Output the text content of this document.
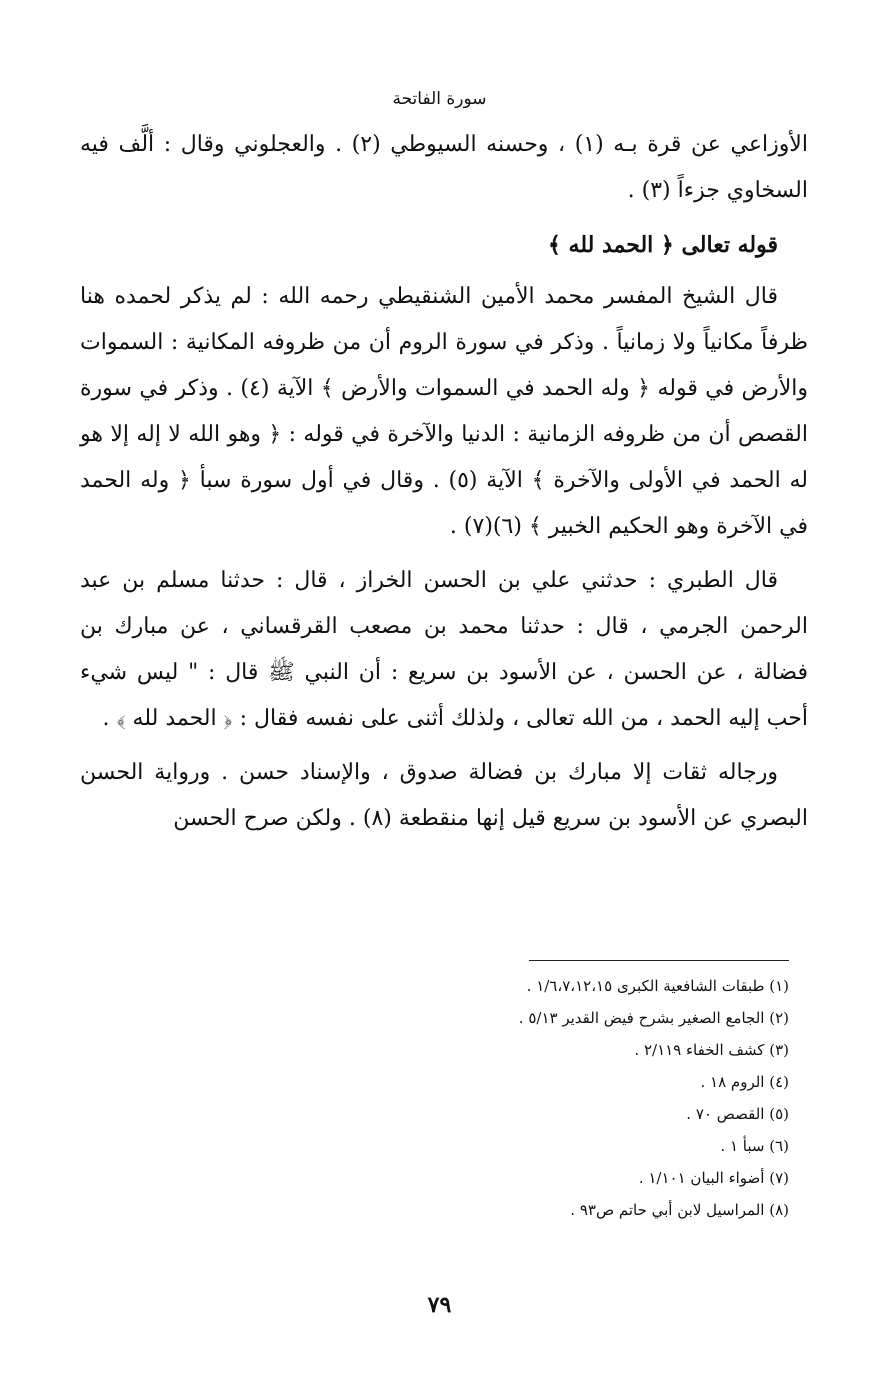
سورة الفاتحة

الأوزاعي عن قرة بـه (١) ، وحسنه السيوطي (٢) . والعجلوني وقال : ألَّف فيه السخاوي جزءاً (٣) .

قوله تعالى ﴿ الحمد لله ﴾

قال الشيخ المفسر محمد الأمين الشنقيطي رحمه الله : لم يذكر لحمده هنا ظرفاً مكانياً ولا زمانياً . وذكر في سورة الروم أن من ظروفه المكانية : السموات والأرض في قوله ﴿ وله الحمد في السموات والأرض ﴾ الآية (٤) . وذكر في سورة القصص أن من ظروفه الزمانية : الدنيا والآخرة في قوله : ﴿ وهو الله لا إله إلا هو له الحمد في الأولى والآخرة ﴾ الآية (٥) . وقال في أول سورة سبأ ﴿ وله الحمد في الآخرة وهو الحكيم الخبير ﴾ (٦)(٧) .

قال الطبري : حدثني علي بن الحسن الخراز ، قال : حدثنا مسلم بن عبد الرحمن الجرمي ، قال : حدثنا محمد بن مصعب القرقساني ، عن مبارك بن فضالة ، عن الحسن ، عن الأسود بن سريع : أن النبي ﷺ قال : " ليس شيء أحب إليه الحمد ، من الله تعالى ، ولذلك أثنى على نفسه فقال : ﴿ الحمد لله ﴾ .

ورجاله ثقات إلا مبارك بن فضالة صدوق ، والإسناد حسن . ورواية الحسن البصري عن الأسود بن سريع قيل إنها منقطعة (٨) . ولكن صرح الحسن

(١) طبقات الشافعية الكبرى ١/٦،٧،١٢،١٥ .
(٢) الجامع الصغير بشرح فيض القدير ٥/١٣ .
(٣) كشف الخفاء ٢/١١٩ .
(٤) الروم ١٨ .
(٥) القصص ٧٠ .
(٦) سبأ ١ .
(٧) أضواء البيان ١/١٠١ .
(٨) المراسيل لابن أبي حاتم ص٩٣ .
٧٩
